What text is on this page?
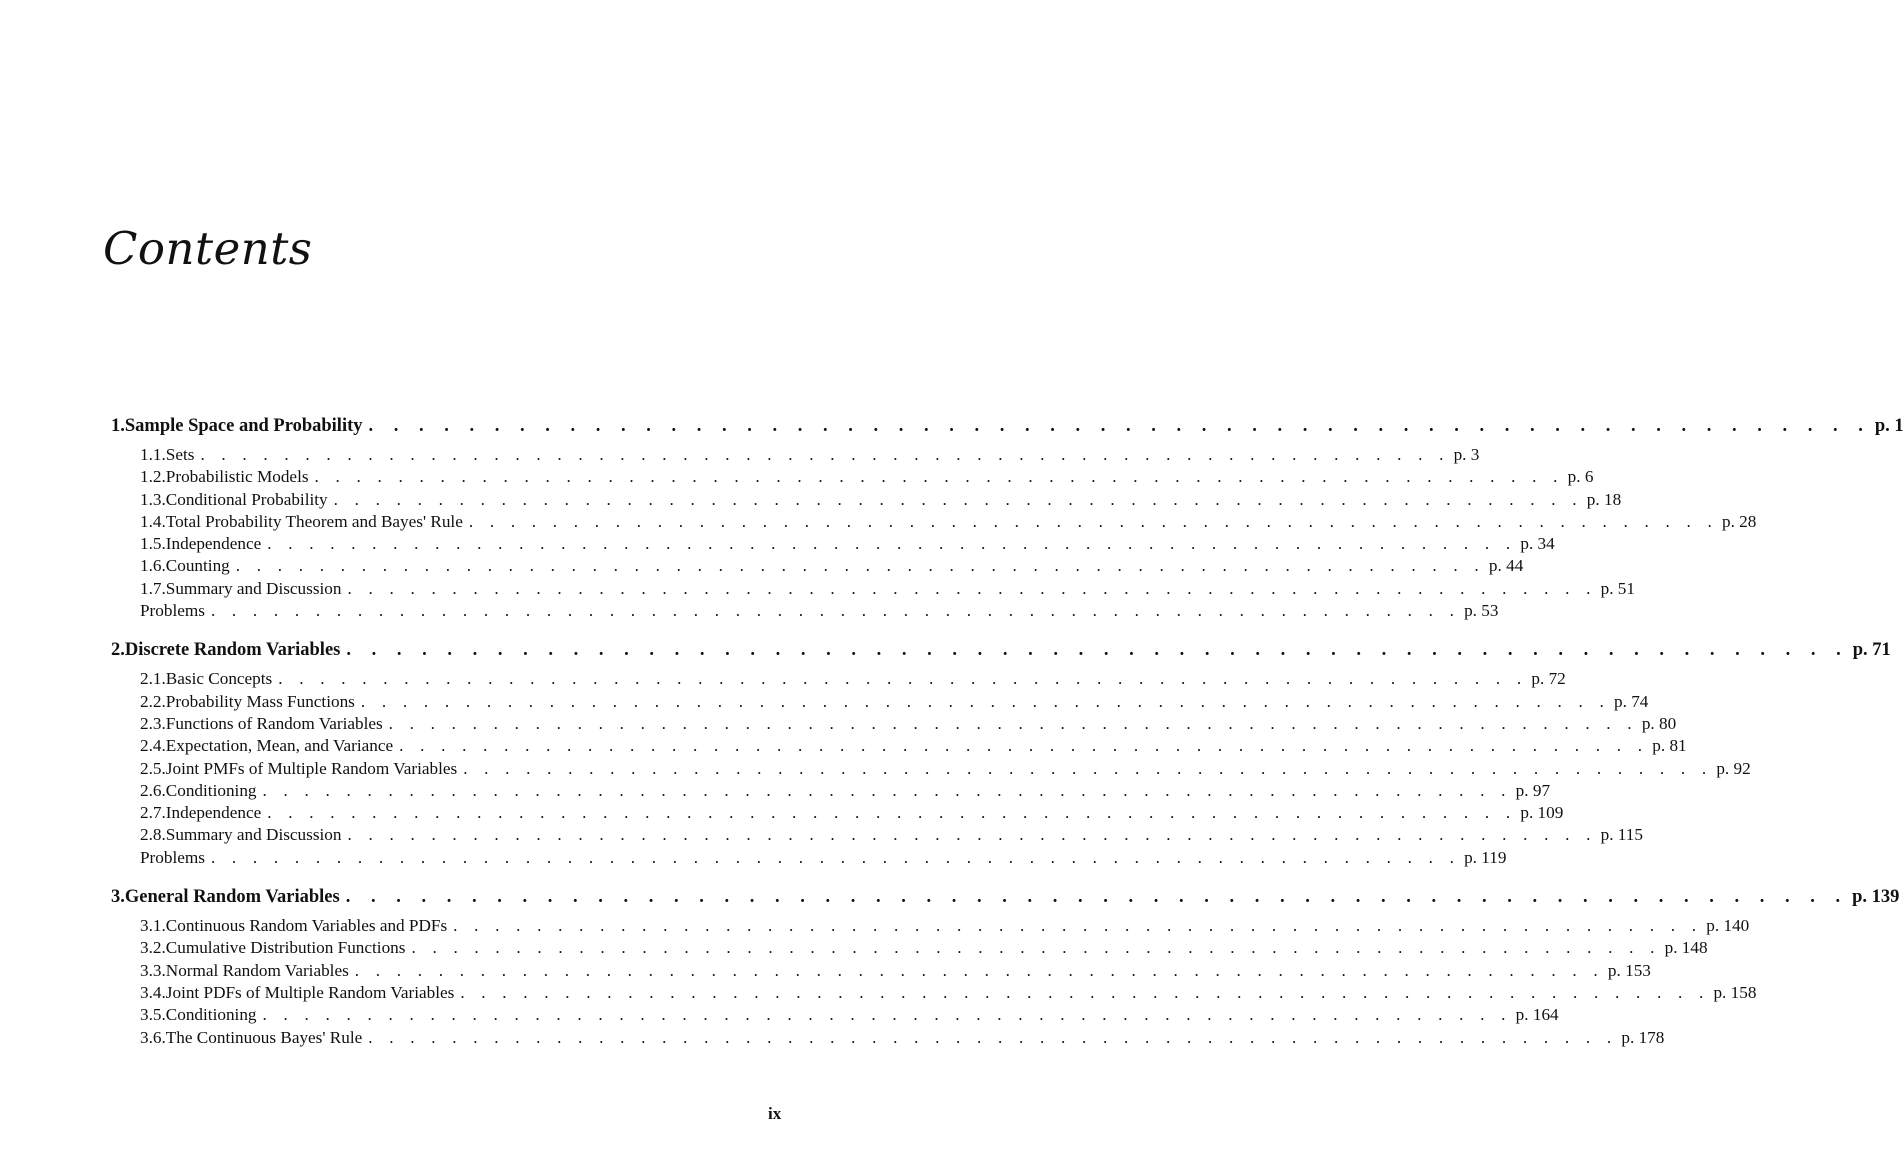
Contents
1. Sample Space and Probability . . . . . . . . . . . . . . . . . . . . . . . . . . . . . . . . . . . . . . . . . . . . . . . . . . . . . . . . . . . . p. 1
1.1. Sets . . . . . . . . . . . . . . . . . . . . . . . . . . . . . . . . . . . . . . . . . . . . . . . . . . . . . . . . . . . . p. 3
1.2. Probabilistic Models . . . . . . . . . . . . . . . . . . . . . . . . . . . . . . . . . . . . . . . . . . . . . . . . . . . . . . . . . . . . p. 6
1.3. Conditional Probability . . . . . . . . . . . . . . . . . . . . . . . . . . . . . . . . . . . . . . . . . . . . . . . . . . . . . . . . . . . . p. 18
1.4. Total Probability Theorem and Bayes' Rule . . . . . . . . . . . . . . . . . . . . . . . . . . . . . . . . . . . . . . . . . . . . . . . . . . . . . . . . . . . . p. 28
1.5. Independence . . . . . . . . . . . . . . . . . . . . . . . . . . . . . . . . . . . . . . . . . . . . . . . . . . . . . . . . . . . . p. 34
1.6. Counting . . . . . . . . . . . . . . . . . . . . . . . . . . . . . . . . . . . . . . . . . . . . . . . . . . . . . . . . . . . . p. 44
1.7. Summary and Discussion . . . . . . . . . . . . . . . . . . . . . . . . . . . . . . . . . . . . . . . . . . . . . . . . . . . . . . . . . . . . p. 51
Problems . . . . . . . . . . . . . . . . . . . . . . . . . . . . . . . . . . . . . . . . . . . . . . . . . . . . . . . . . . . . p. 53
2. Discrete Random Variables . . . . . . . . . . . . . . . . . . . . . . . . . . . . . . . . . . . . . . . . . . . . . . . . . . . . . . . . . . . . p. 71
2.1. Basic Concepts . . . . . . . . . . . . . . . . . . . . . . . . . . . . . . . . . . . . . . . . . . . . . . . . . . . . . . . . . . . . p. 72
2.2. Probability Mass Functions . . . . . . . . . . . . . . . . . . . . . . . . . . . . . . . . . . . . . . . . . . . . . . . . . . . . . . . . . . . . p. 74
2.3. Functions of Random Variables . . . . . . . . . . . . . . . . . . . . . . . . . . . . . . . . . . . . . . . . . . . . . . . . . . . . . . . . . . . . p. 80
2.4. Expectation, Mean, and Variance . . . . . . . . . . . . . . . . . . . . . . . . . . . . . . . . . . . . . . . . . . . . . . . . . . . . . . . . . . . . p. 81
2.5. Joint PMFs of Multiple Random Variables . . . . . . . . . . . . . . . . . . . . . . . . . . . . . . . . . . . . . . . . . . . . . . . . . . . . . . . . . . . . p. 92
2.6. Conditioning . . . . . . . . . . . . . . . . . . . . . . . . . . . . . . . . . . . . . . . . . . . . . . . . . . . . . . . . . . . . p. 97
2.7. Independence . . . . . . . . . . . . . . . . . . . . . . . . . . . . . . . . . . . . . . . . . . . . . . . . . . . . . . . . . . . . p. 109
2.8. Summary and Discussion . . . . . . . . . . . . . . . . . . . . . . . . . . . . . . . . . . . . . . . . . . . . . . . . . . . . . . . . . . . . p. 115
Problems . . . . . . . . . . . . . . . . . . . . . . . . . . . . . . . . . . . . . . . . . . . . . . . . . . . . . . . . . . . . p. 119
3. General Random Variables . . . . . . . . . . . . . . . . . . . . . . . . . . . . . . . . . . . . . . . . . . . . . . . . . . . . . . . . . . . . p. 139
3.1. Continuous Random Variables and PDFs . . . . . . . . . . . . . . . . . . . . . . . . . . . . . . . . . . . . . . . . . . . . . . . . . . . . . . . . . . . . p. 140
3.2. Cumulative Distribution Functions . . . . . . . . . . . . . . . . . . . . . . . . . . . . . . . . . . . . . . . . . . . . . . . . . . . . . . . . . . . . p. 148
3.3. Normal Random Variables . . . . . . . . . . . . . . . . . . . . . . . . . . . . . . . . . . . . . . . . . . . . . . . . . . . . . . . . . . . . p. 153
3.4. Joint PDFs of Multiple Random Variables . . . . . . . . . . . . . . . . . . . . . . . . . . . . . . . . . . . . . . . . . . . . . . . . . . . . . . . . . . . . p. 158
3.5. Conditioning . . . . . . . . . . . . . . . . . . . . . . . . . . . . . . . . . . . . . . . . . . . . . . . . . . . . . . . . . . . . p. 164
3.6. The Continuous Bayes' Rule . . . . . . . . . . . . . . . . . . . . . . . . . . . . . . . . . . . . . . . . . . . . . . . . . . . . . . . . . . . . p. 178
ix
